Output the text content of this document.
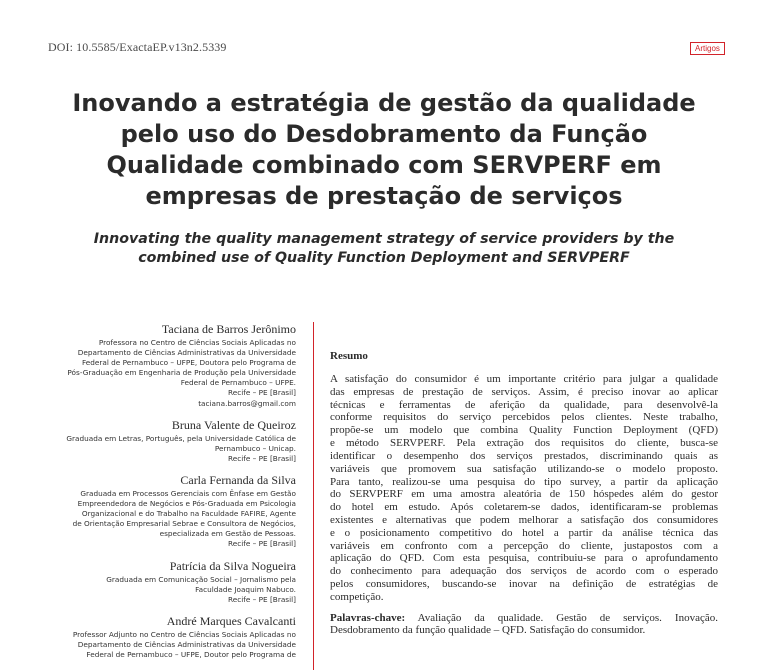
DOI: 10.5585/ExactaEP.v13n2.5339	Artigos
Inovando a estratégia de gestão da qualidade
pelo uso do Desdobramento da Função
Qualidade combinado com SERVPERF em
empresas de prestação de serviços
Innovating the quality management strategy of service providers by the
combined use of Quality Function Deployment and SERVPERF
Taciana de Barros Jerônimo
Professora no Centro de Ciências Sociais Aplicadas no
Departamento de Ciências Administrativas da Universidade
Federal de Pernambuco – UFPE, Doutora pelo Programa de
Pós-Graduação em Engenharia de Produção pela Universidade
Federal de Pernambuco – UFPE.
Recife – PE [Brasil]
taciana.barros@gmail.com
Bruna Valente de Queiroz
Graduada em Letras, Português, pela Universidade Católica de
Pernambuco – Unicap.
Recife – PE [Brasil]
Carla Fernanda da Silva
Graduada em Processos Gerenciais com Ênfase em Gestão
Empreendedora de Negócios e Pós-Graduada em Psicologia
Organizacional e do Trabalho na Faculdade FAFIRE, Agente
de Orientação Empresarial Sebrae e Consultora de Negócios,
especializada em Gestão de Pessoas.
Recife – PE [Brasil]
Patrícia da Silva Nogueira
Graduada em Comunicação Social – Jornalismo pela
Faculdade Joaquim Nabuco.
Recife – PE [Brasil]
André Marques Cavalcanti
Professor Adjunto no Centro de Ciências Sociais Aplicadas no
Departamento de Ciências Administrativas da Universidade
Federal de Pernambuco – UFPE, Doutor pelo Programa de
Resumo
A satisfação do consumidor é um importante critério para julgar a qualidade
das empresas de prestação de serviços. Assim, é preciso inovar ao aplicar
técnicas e ferramentas de aferição da qualidade, para desenvolvê-la
conforme requisitos do serviço percebidos pelos clientes. Neste trabalho,
propõe-se um modelo que combina Quality Function Deployment (QFD)
e método SERVPERF. Pela extração dos requisitos do cliente, busca-se
identificar o desempenho dos serviços prestados, discriminando quais as
variáveis que promovem sua satisfação utilizando-se o modelo proposto.
Para tanto, realizou-se uma pesquisa do tipo survey, a partir da aplicação
do SERVPERF em uma amostra aleatória de 150 hóspedes além do gestor
do hotel em estudo. Após coletarem-se dados, identificaram-se problemas
existentes e alternativas que podem melhorar a satisfação dos consumidores
e o posicionamento competitivo do hotel a partir da análise técnica das
variáveis em confronto com a percepção do cliente, justapostos com a
aplicação do QFD. Com esta pesquisa, contribuiu-se para o aprofundamento
do conhecimento para adequação dos serviços de acordo com o esperado
pelos consumidores, buscando-se inovar na definição de estratégias de
competição.
Palavras-chave: Avaliação da qualidade. Gestão de serviços. Inovação.
Desdobramento da função qualidade – QFD. Satisfação do consumidor.
